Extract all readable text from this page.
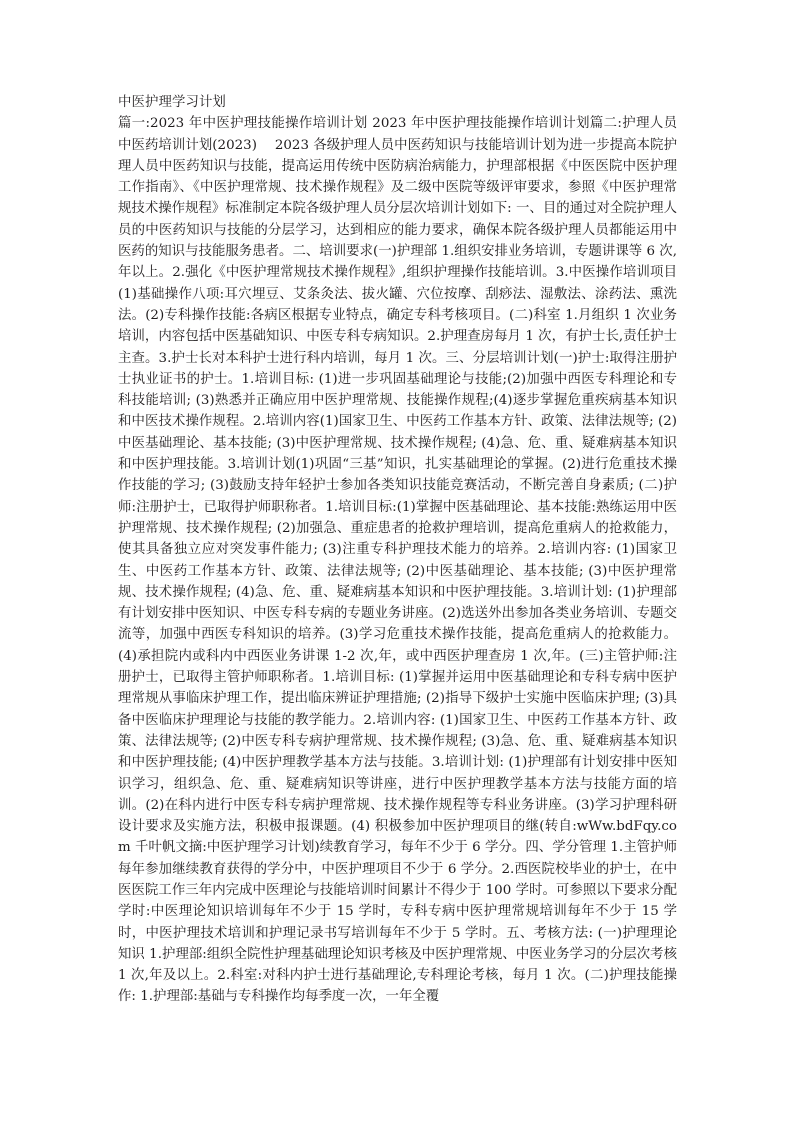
中医护理学习计划
篇一:2023 年中医护理技能操作培训计划 2023 年中医护理技能操作培训计划篇二:护理人员中医药培训计划(2023)　 2023 各级护理人员中医药知识与技能培训计划为进一步提高本院护理人员中医药知识与技能，提高运用传统中医防病治病能力，护理部根据《中医医院中医护理工作指南》、《中医护理常规、技术操作规程》及二级中医院等级评审要求，参照《中医护理常规技术操作规程》标准制定本院各级护理人员分层次培训计划如下: 一、目的通过对全院护理人员的中医药知识与技能的分层学习，达到相应的能力要求，确保本院各级护理人员都能运用中医药的知识与技能服务患者。二、培训要求(一)护理部 1.组织安排业务培训，专题讲课等 6 次,年以上。2.强化《中医护理常规技术操作规程》,组织护理操作技能培训。3.中医操作培训项目(1)基础操作八项:耳穴埋豆、艾条灸法、拔火罐、穴位按摩、刮痧法、湿敷法、涂药法、熏洗法。(2)专科操作技能:各病区根据专业特点，确定专科考核项目。(二)科室 1.月组织 1 次业务培训，内容包括中医基础知识、中医专科专病知识。2.护理查房每月 1 次，有护士长,责任护士主查。3.护士长对本科护士进行科内培训，每月 1 次。三、分层培训计划(一)护士:取得注册护士执业证书的护士。1.培训目标: (1)进一步巩固基础理论与技能;(2)加强中西医专科理论和专科技能培训; (3)熟悉并正确应用中医护理常规、技能操作规程;(4)逐步掌握危重疾病基本知识和中医技术操作规程。2.培训内容(1)国家卫生、中医药工作基本方针、政策、法律法规等; (2)中医基础理论、基本技能; (3)中医护理常规、技术操作规程; (4)急、危、重、疑难病基本知识和中医护理技能。3.培训计划(1)巩固“三基”知识，扎实基础理论的掌握。(2)进行危重技术操作技能的学习; (3)鼓励支持年轻护士参加各类知识技能竞赛活动，不断完善自身素质; (二)护师:注册护士，已取得护师职称者。1.培训目标:(1)掌握中医基础理论、基本技能:熟练运用中医护理常规、技术操作规程; (2)加强急、重症患者的抢救护理培训，提高危重病人的抢救能力，使其具备独立应对突发事件能力; (3)注重专科护理技术能力的培养。2.培训内容: (1)国家卫生、中医药工作基本方针、政策、法律法规等; (2)中医基础理论、基本技能; (3)中医护理常规、技术操作规程; (4)急、危、重、疑难病基本知识和中医护理技能。3.培训计划: (1)护理部有计划安排中医知识、中医专科专病的专题业务讲座。(2)选送外出参加各类业务培训、专题交流等，加强中西医专科知识的培养。(3)学习危重技术操作技能，提高危重病人的抢救能力。(4)承担院内或科内中西医业务讲课 1-2 次,年，或中西医护理查房 1 次,年。(三)主管护师:注册护士，已取得主管护师职称者。1.培训目标: (1)掌握并运用中医基础理论和专科专病中医护理常规从事临床护理工作，提出临床辨证护理措施; (2)指导下级护士实施中医临床护理; (3)具备中医临床护理理论与技能的教学能力。2.培训内容: (1)国家卫生、中医药工作基本方针、政策、法律法规等; (2)中医专科专病护理常规、技术操作规程; (3)急、危、重、疑难病基本知识和中医护理技能; (4)中医护理教学基本方法与技能。3.培训计划: (1)护理部有计划安排中医知识学习，组织急、危、重、疑难病知识等讲座，进行中医护理教学基本方法与技能方面的培训。(2)在科内进行中医专科专病护理常规、技术操作规程等专科业务讲座。(3)学习护理科研设计要求及实施方法，积极申报课题。(4) 积极参加中医护理项目的继(转自:wWw.bdFqy.com 千叶帆文摘:中医护理学习计划)续教育学习，每年不少于 6 学分。四、学分管理 1.主管护师每年参加继续教育获得的学分中，中医护理项目不少于 6 学分。2.西医院校毕业的护士，在中医医院工作三年内完成中医理论与技能培训时间累计不得少于 100 学时。可参照以下要求分配学时:中医理论知识培训每年不少于 15 学时，专科专病中医护理常规培训每年不少于 15 学时，中医护理技术培训和护理记录书写培训每年不少于 5 学时。五、考核方法: (一)护理理论知识 1.护理部:组织全院性护理基础理论知识考核及中医护理常规、中医业务学习的分层次考核 1 次,年及以上。2.科室:对科内护士进行基础理论,专科理论考核，每月 1 次。(二)护理技能操作: 1.护理部:基础与专科操作均每季度一次，一年全覆
